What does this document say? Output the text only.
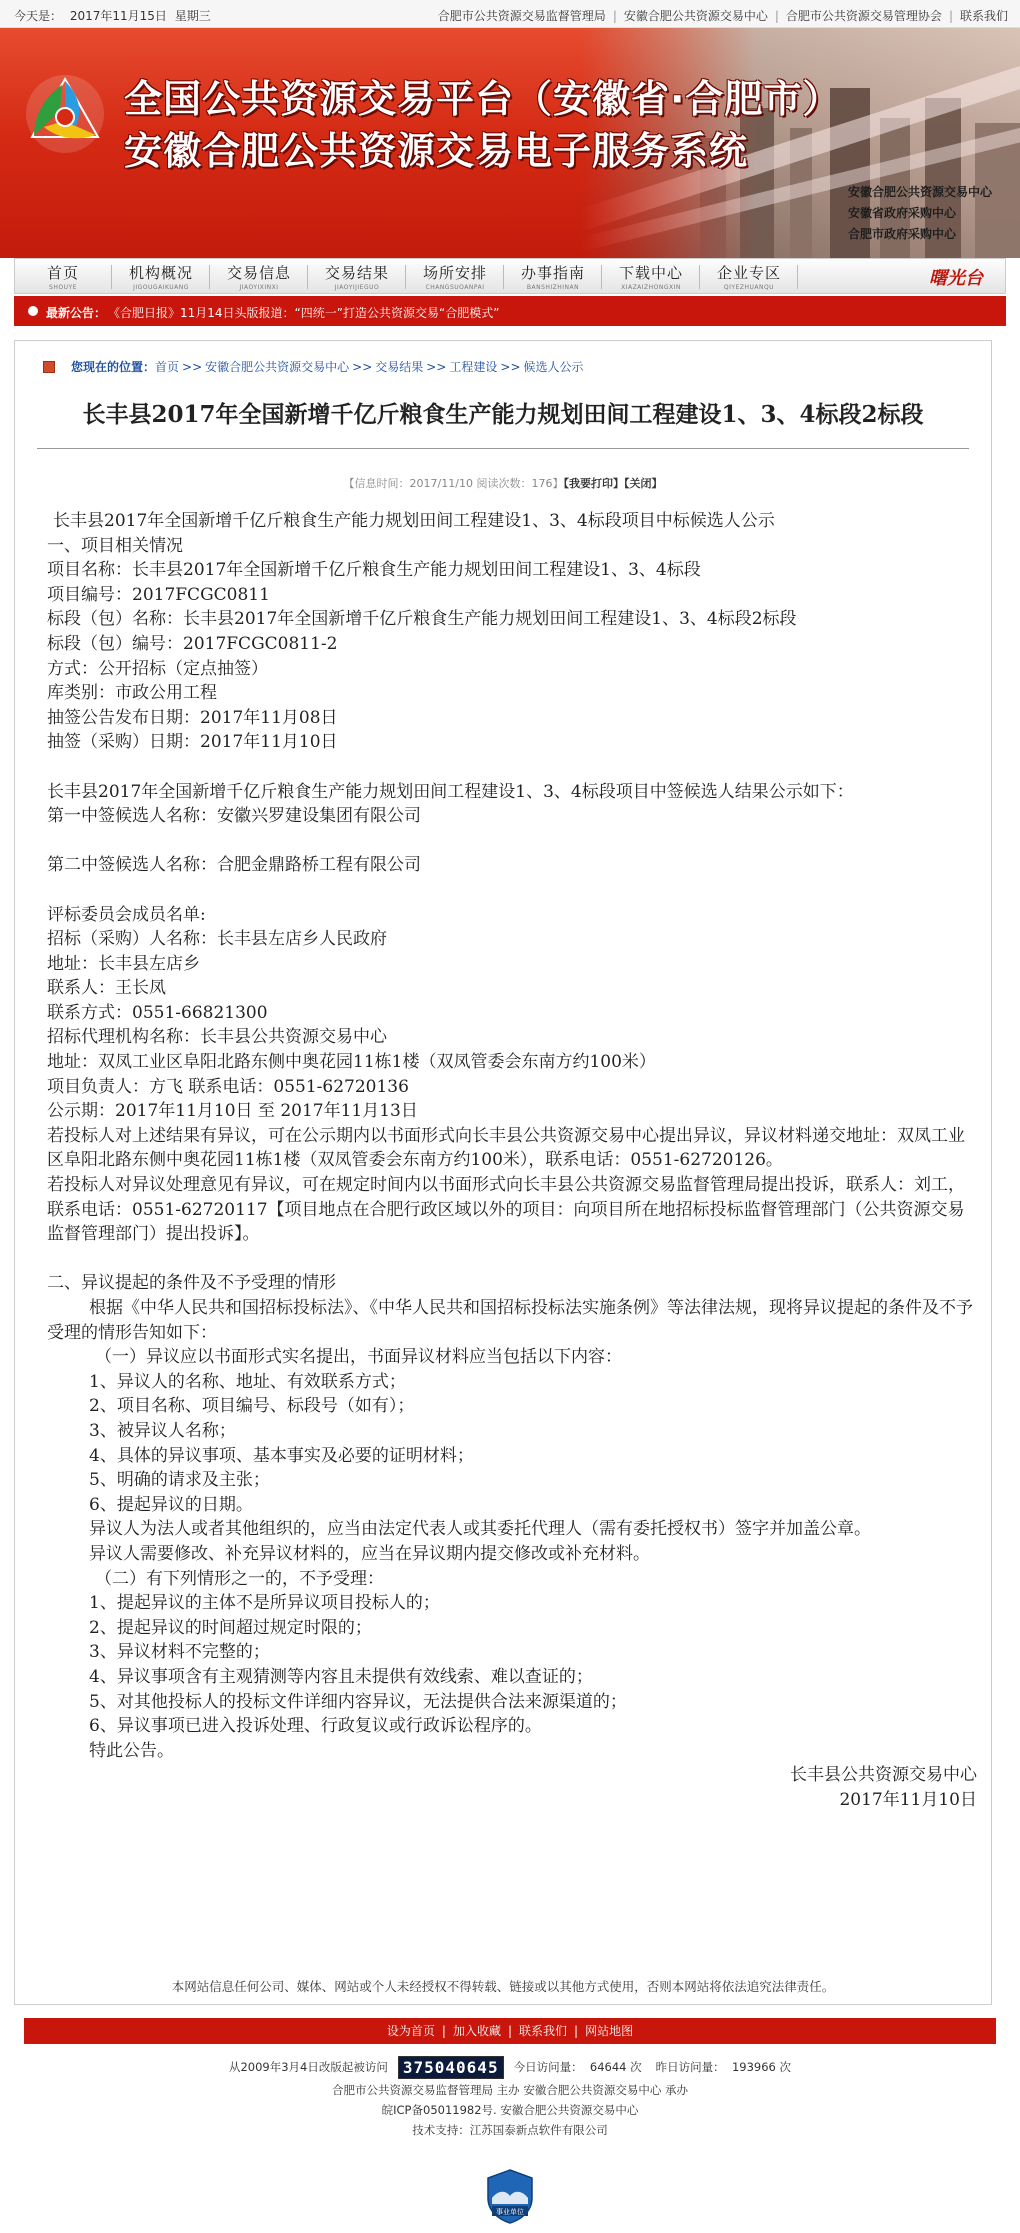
今天是： 2017年11月15日 星期三	合肥市公共资源交易监督管理局 | 安徽合肥公共资源交易中心 | 合肥市公共资源交易管理协会 | 联系我们
全国公共资源交易平台（安徽省·合肥市）
安徽合肥公共资源交易电子服务系统
安徽合肥公共资源交易中心
安徽省政府采购中心
合肥市政府采购中心
首页
SHOUYE
机构概况
JIGOUGAIKUANG
交易信息
JIAOYIXINXI
交易结果
JIAOYIJIEGUO
场所安排
CHANGSUOANPAI
办事指南
BANSHIZHINAN
下载中心
XIAZAIZHONGXIN
企业专区
QIYEZHUANQU	曙光台
最新公告： 《合肥日报》11月14日头版报道：“四统一”打造公共资源交易“合肥模式”
您现在的位置：首页 >> 安徽合肥公共资源交易中心 >> 交易结果 >> 工程建设 >> 候选人公示
长丰县2017年全国新增千亿斤粮食生产能力规划田间工程建设1、3、4标段2标段
【信息时间：2017/11/10 阅读次数：176】【我要打印】【关闭】

长丰县2017年全国新增千亿斤粮食生产能力规划田间工程建设1、3、4标段项目中标候选人公示

一、项目相关情况

项目名称：长丰县2017年全国新增千亿斤粮食生产能力规划田间工程建设1、3、4标段

项目编号：2017FCGC0811

标段（包）名称：长丰县2017年全国新增千亿斤粮食生产能力规划田间工程建设1、3、4标段2标段

标段（包）编号：2017FCGC0811-2

方式：公开招标（定点抽签）

库类别：市政公用工程

抽签公告发布日期：2017年11月08日

抽签（采购）日期：2017年11月10日

长丰县2017年全国新增千亿斤粮食生产能力规划田间工程建设1、3、4标段项目中签候选人结果公示如下：

第一中签候选人名称：安徽兴罗建设集团有限公司

第二中签候选人名称：合肥金鼎路桥工程有限公司

评标委员会成员名单:

招标（采购）人名称：长丰县左店乡人民政府

地址：长丰县左店乡

联系人：王长凤

联系方式：0551-66821300

招标代理机构名称：长丰县公共资源交易中心

地址：双凤工业区阜阳北路东侧中奥花园11栋1楼（双凤管委会东南方约100米）

项目负责人：方飞 联系电话：0551-62720136

公示期：2017年11月10日 至 2017年11月13日

若投标人对上述结果有异议，可在公示期内以书面形式向长丰县公共资源交易中心提出异议，异议材料递交地址：双凤工业区阜阳北路东侧中奥花园11栋1楼（双凤管委会东南方约100米），联系电话：0551-62720126。

若投标人对异议处理意见有异议，可在规定时间内以书面形式向长丰县公共资源交易监督管理局提出投诉，联系人：刘工，联系电话：0551-62720117【项目地点在合肥行政区域以外的项目：向项目所在地招标投标监督管理部门（公共资源交易监督管理部门）提出投诉】。

二、异议提起的条件及不予受理的情形

根据《中华人民共和国招标投标法》、《中华人民共和国招标投标法实施条例》等法律法规，现将异议提起的条件及不予受理的情形告知如下：

（一）异议应以书面形式实名提出，书面异议材料应当包括以下内容：

1、异议人的名称、地址、有效联系方式；

2、项目名称、项目编号、标段号（如有）；

3、被异议人名称；

4、具体的异议事项、基本事实及必要的证明材料；

5、明确的请求及主张；

6、提起异议的日期。

异议人为法人或者其他组织的，应当由法定代表人或其委托代理人（需有委托授权书）签字并加盖公章。

异议人需要修改、补充异议材料的，应当在异议期内提交修改或补充材料。

（二）有下列情形之一的，不予受理：

1、提起异议的主体不是所异议项目投标人的；

2、提起异议的时间超过规定时限的；

3、异议材料不完整的；

4、异议事项含有主观猜测等内容且未提供有效线索、难以查证的；

5、对其他投标人的投标文件详细内容异议，无法提供合法来源渠道的；

6、异议事项已进入投诉处理、行政复议或行政诉讼程序的。

特此公告。

长丰县公共资源交易中心

2017年11月10日

本网站信息任何公司、媒体、网站或个人未经授权不得转载、链接或以其他方式使用，否则本网站将依法追究法律责任。
设为首页 | 加入收藏 | 联系我们 | 网站地图
从2009年3月4日改版起被访问 375040645 今日访问量： 64644 次 昨日访问量： 193966 次
合肥市公共资源交易监督管理局 主办 安徽合肥公共资源交易中心 承办
皖ICP备05011982号. 安徽合肥公共资源交易中心
技术支持：江苏国泰新点软件有限公司
事业单位
